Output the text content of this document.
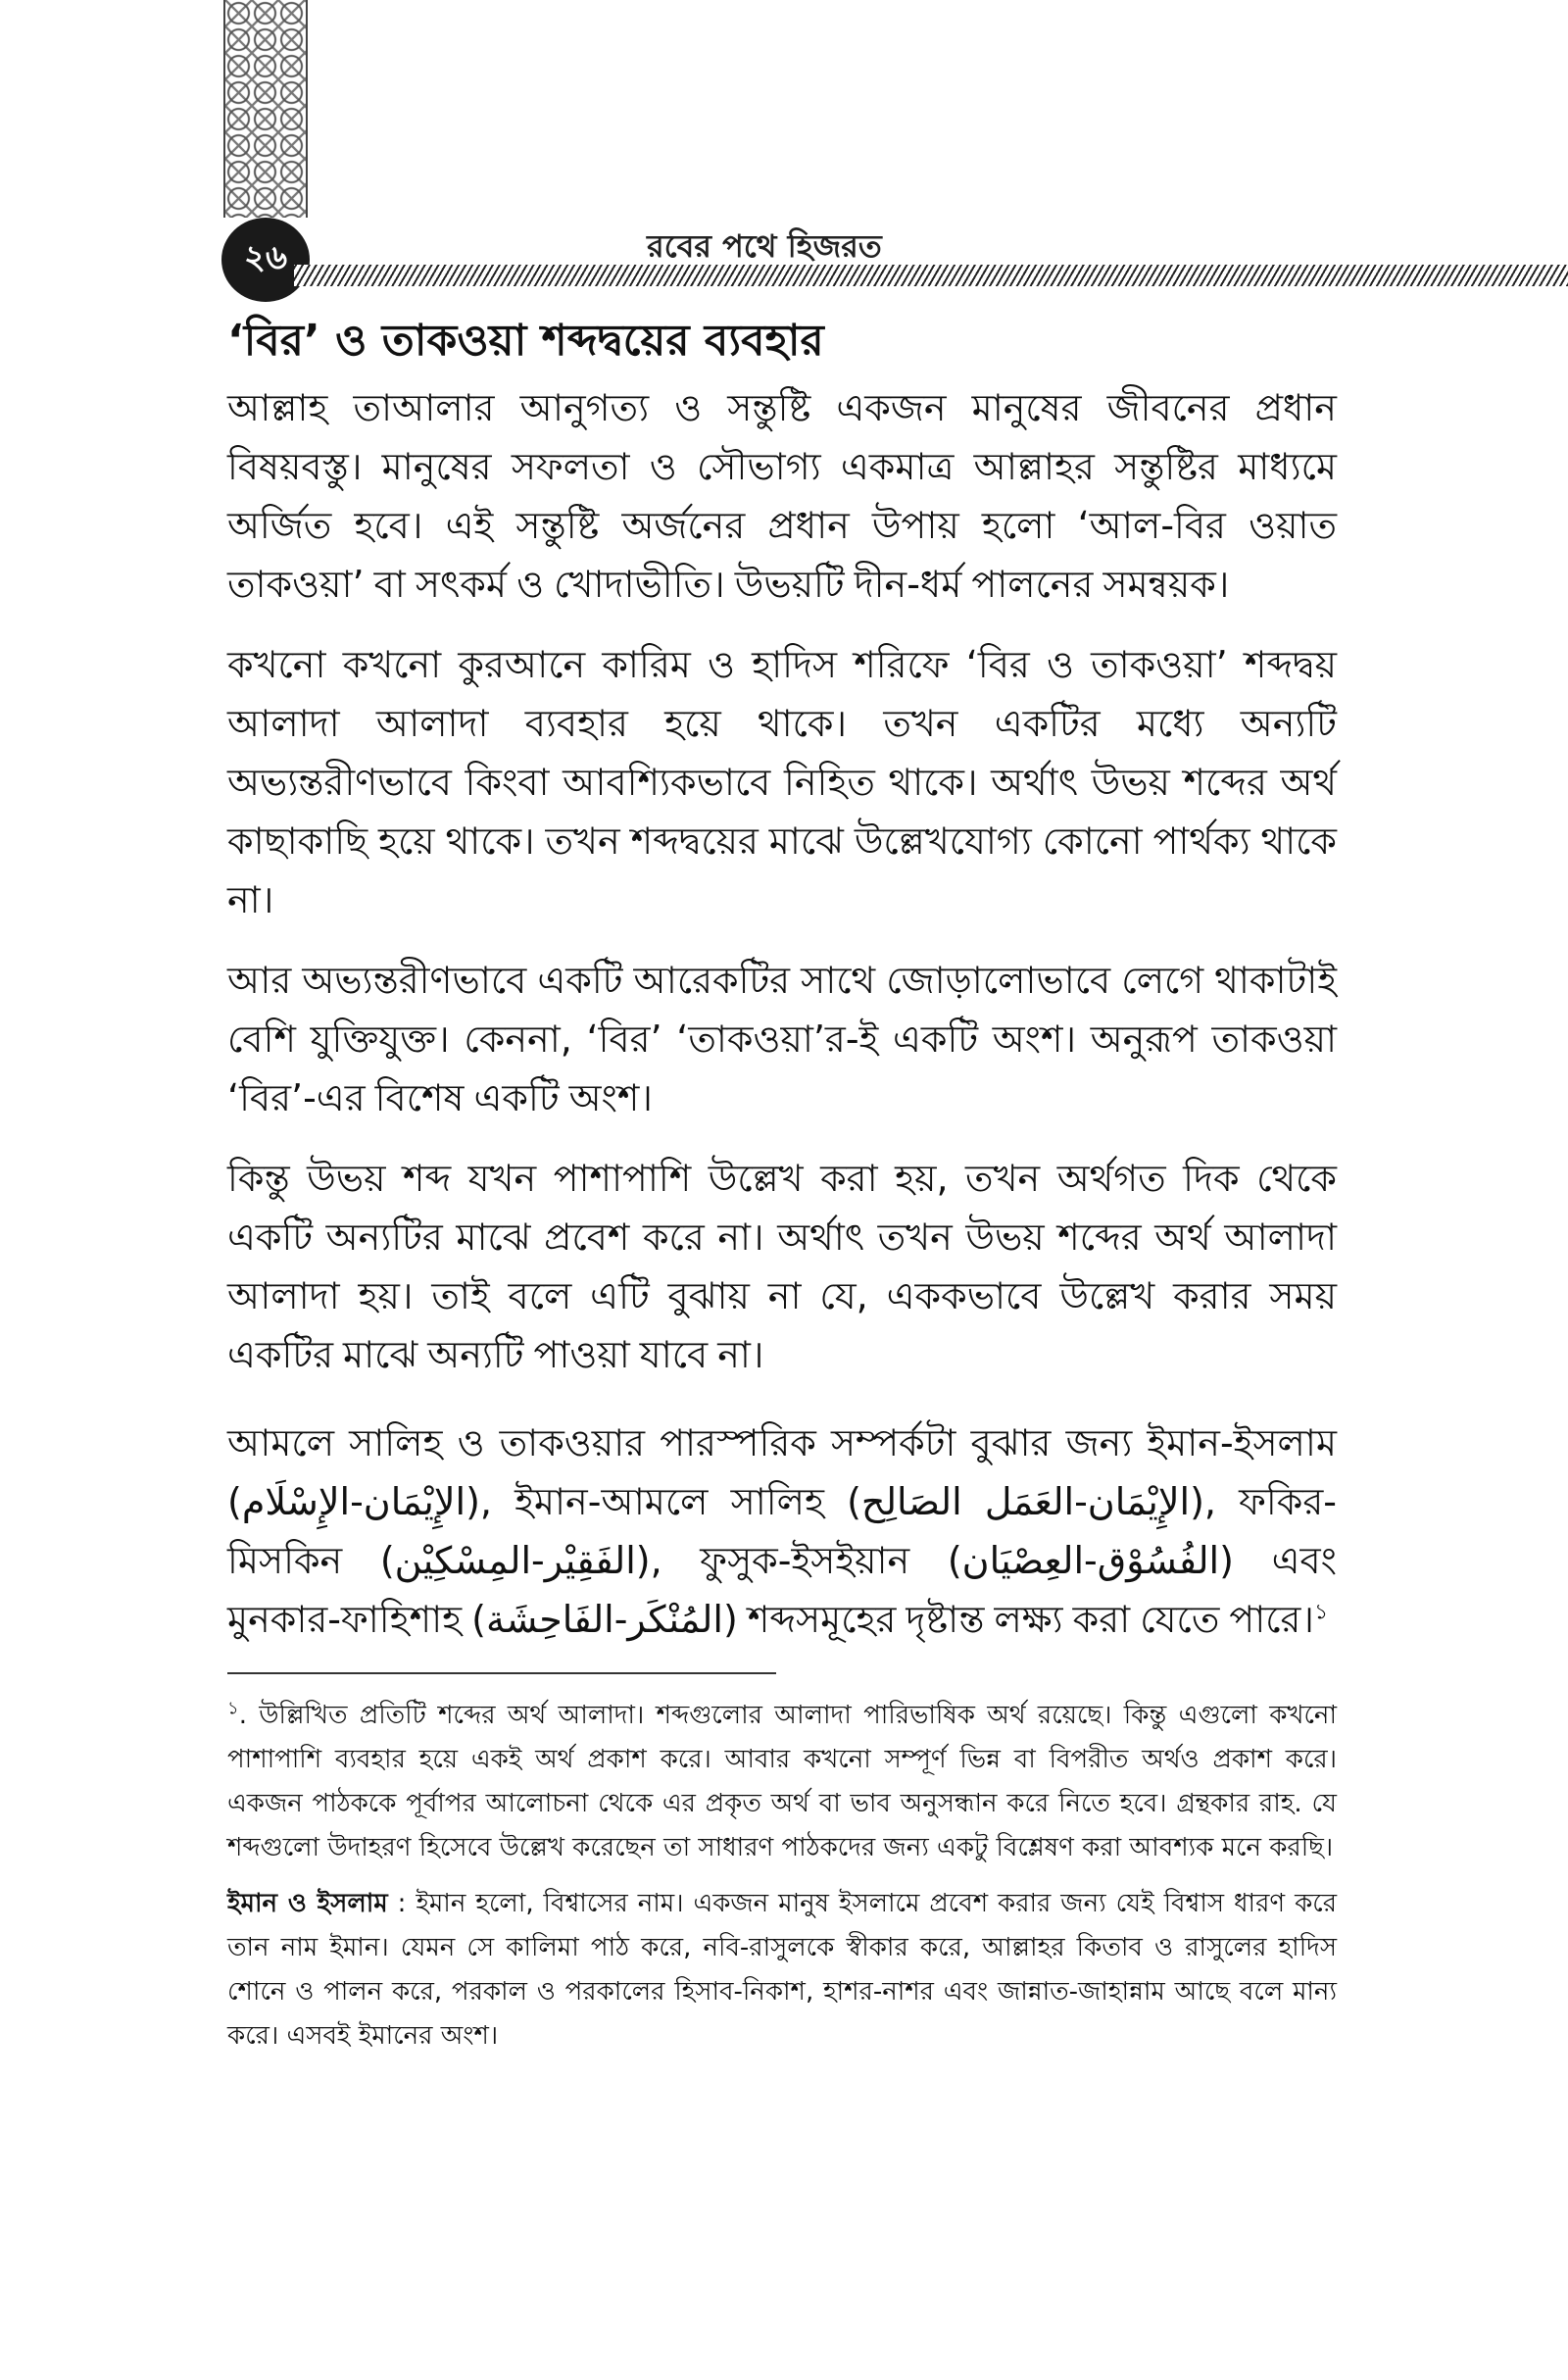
২৬	রবের পথে হিজরত
‘বির’ ও তাকওয়া শব্দদ্বয়ের ব্যবহার

আল্লাহ তাআলার আনুগত্য ও সন্তুষ্টি একজন মানুষের জীবনের প্রধান বিষয়বস্তু। মানুষের সফলতা ও সৌভাগ্য একমাত্র আল্লাহর সন্তুষ্টির মাধ্যমে অর্জিত হবে। এই সন্তুষ্টি অর্জনের প্রধান উপায় হলো ‘আল-বির ওয়াত তাকওয়া’ বা সৎকর্ম ও খোদাভীতি। উভয়টি দীন-ধর্ম পালনের সমন্বয়ক।

কখনো কখনো কুরআনে কারিম ও হাদিস শরিফে ‘বির ও তাকওয়া’ শব্দদ্বয় আলাদা আলাদা ব্যবহার হয়ে থাকে। তখন একটির মধ্যে অন্যটি অভ্যন্তরীণভাবে কিংবা আবশ্যিকভাবে নিহিত থাকে। অর্থাৎ উভয় শব্দের অর্থ কাছাকাছি হয়ে থাকে। তখন শব্দদ্বয়ের মাঝে উল্লেখযোগ্য কোনো পার্থক্য থাকে না।

আর অভ্যন্তরীণভাবে একটি আরেকটির সাথে জোড়ালোভাবে লেগে থাকাটাই বেশি যুক্তিযুক্ত। কেননা, ‘বির’ ‘তাকওয়া’র-ই একটি অংশ। অনুরূপ তাকওয়া ‘বির’-এর বিশেষ একটি অংশ।

কিন্তু উভয় শব্দ যখন পাশাপাশি উল্লেখ করা হয়, তখন অর্থগত দিক থেকে একটি অন্যটির মাঝে প্রবেশ করে না। অর্থাৎ তখন উভয় শব্দের অর্থ আলাদা আলাদা হয়। তাই বলে এটি বুঝায় না যে, এককভাবে উল্লেখ করার সময় একটির মাঝে অন্যটি পাওয়া যাবে না।

আমলে সালিহ ও তাকওয়ার পারস্পরিক সম্পর্কটা বুঝার জন্য ইমান-ইসলাম (الإِيْمَان-الإِسْلَام), ইমান-আমলে সালিহ (الإِيْمَان-العَمَل الصَالِح), ফকির-মিসকিন (الفَقِيْر-المِسْكِيْن), ফুসুক-ইসইয়ান (الفُسُوْق-العِصْيَان) এবং মুনকার-ফাহিশাহ (المُنْكَر-الفَاحِشَة) শব্দসমূহের দৃষ্টান্ত লক্ষ্য করা যেতে পারে।$^১$

$^১$. উল্লিখিত প্রতিটি শব্দের অর্থ আলাদা। শব্দগুলোর আলাদা পারিভাষিক অর্থ রয়েছে। কিন্তু এগুলো কখনো পাশাপাশি ব্যবহার হয়ে একই অর্থ প্রকাশ করে। আবার কখনো সম্পূর্ণ ভিন্ন বা বিপরীত অর্থও প্রকাশ করে। একজন পাঠককে পূর্বাপর আলোচনা থেকে এর প্রকৃত অর্থ বা ভাব অনুসন্ধান করে নিতে হবে। গ্রন্থকার রাহ. যে শব্দগুলো উদাহরণ হিসেবে উল্লেখ করেছেন তা সাধারণ পাঠকদের জন্য একটু বিশ্লেষণ করা আবশ্যক মনে করছি।

ইমান ও ইসলাম : ইমান হলো, বিশ্বাসের নাম। একজন মানুষ ইসলামে প্রবেশ করার জন্য যেই বিশ্বাস ধারণ করে তান নাম ইমান। যেমন সে কালিমা পাঠ করে, নবি-রাসুলকে স্বীকার করে, আল্লাহর কিতাব ও রাসুলের হাদিস শোনে ও পালন করে, পরকাল ও পরকালের হিসাব-নিকাশ, হাশর-নাশর এবং জান্নাত-জাহান্নাম আছে বলে মান্য করে। এসবই ইমানের অংশ।
